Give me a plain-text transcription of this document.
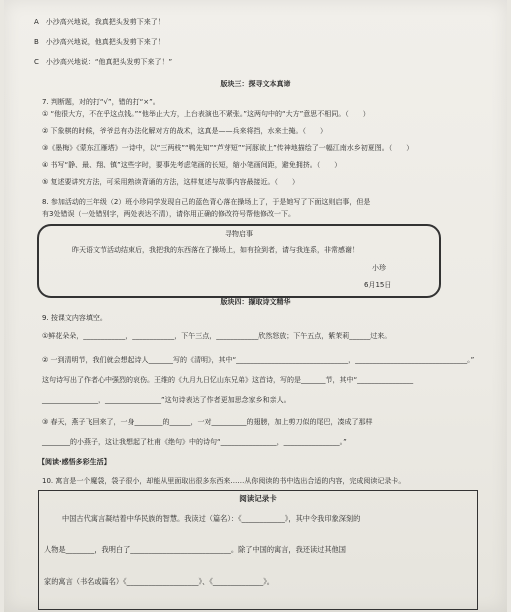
A　小沙高兴地说，我真把头发剪下来了！
B　小沙高兴地说，他真把头发剪下来了！
C　小沙高兴地说：“他真把头发剪下来了！”
版块三：探寻文本真谛
7. 判断题，对的打“√”，错的打“×”。
① “他很大方，不在乎这点钱。”“他举止大方，上台表演也不紧张。”这两句中的“大方”意思不相同。（　　）
② 下象棋的时候，爷爷总有办法化解对方的战术，这真是——兵来将挡，水来土掩。（　　）
③《墨梅》《蒙东江雁塔》一诗中，以“三两枝”“鸭先知”“芦芽短”“河豚欲上”传神地描绘了一幅江南水乡初夏图。（　　）
④ 书写“静、最、翔、镇”这些字时，要事先考虑笔画的长短，缩小笔画间距，避免拥挤。（　　）
⑤ 复述要讲究方法，可采用熟读背诵的方法，这样复述与故事内容最接近。（　　）
8. 参加活动的三年级（2）班小珍同学发现自己的蓝色背心落在操场上了，于是她写了下面这则启事，但是
有3处错误（一处错别字，两处表达不清），请你用正确的修改符号帮他修改一下。
寻物启事
昨天语文节活动结束后，我把我的东西落在了操场上，如有捡到者，请与我连系，非常感谢！
小珍
6月15日
版块四：撷取诗文精华
9. 按课文内容填空。
①鲜花朵朵，____________，____________，下午三点，____________欣然怒放；下午五点，紫茉莉______过来。
② 一到清明节，我们就会想起诗人_______写的《清明》，其中“________________________________，________________________________。”
这句诗写出了作者心中强烈的哀伤。王维的《九月九日忆山东兄弟》这首诗，写的是_______节，其中“________________
________________，________________”这句诗表达了作者更加思念家乡和亲人。
③ 春天，燕子飞回来了，一身________的______，一对__________的翅膀，加上剪刀似的尾巴，凑成了那样
________的小燕子，这让我想起了杜甫《绝句》中的诗句“________________，________________。”
【阅读·感悟多彩生活】
10. 寓言是一个魔袋，袋子很小，却能从里面取出很多东西来……从你阅读的书中选出合适的内容，完成阅读记录卡。
阅读记录卡
中国古代寓言凝结着中华民族的智慧。我读过（篇名）：《____________》，其中令我印象深刻的
人物是________，我明白了____________________________。除了中国的寓言，我还读过其他国
家的寓言（书名或篇名）《____________________》、《______________》。
